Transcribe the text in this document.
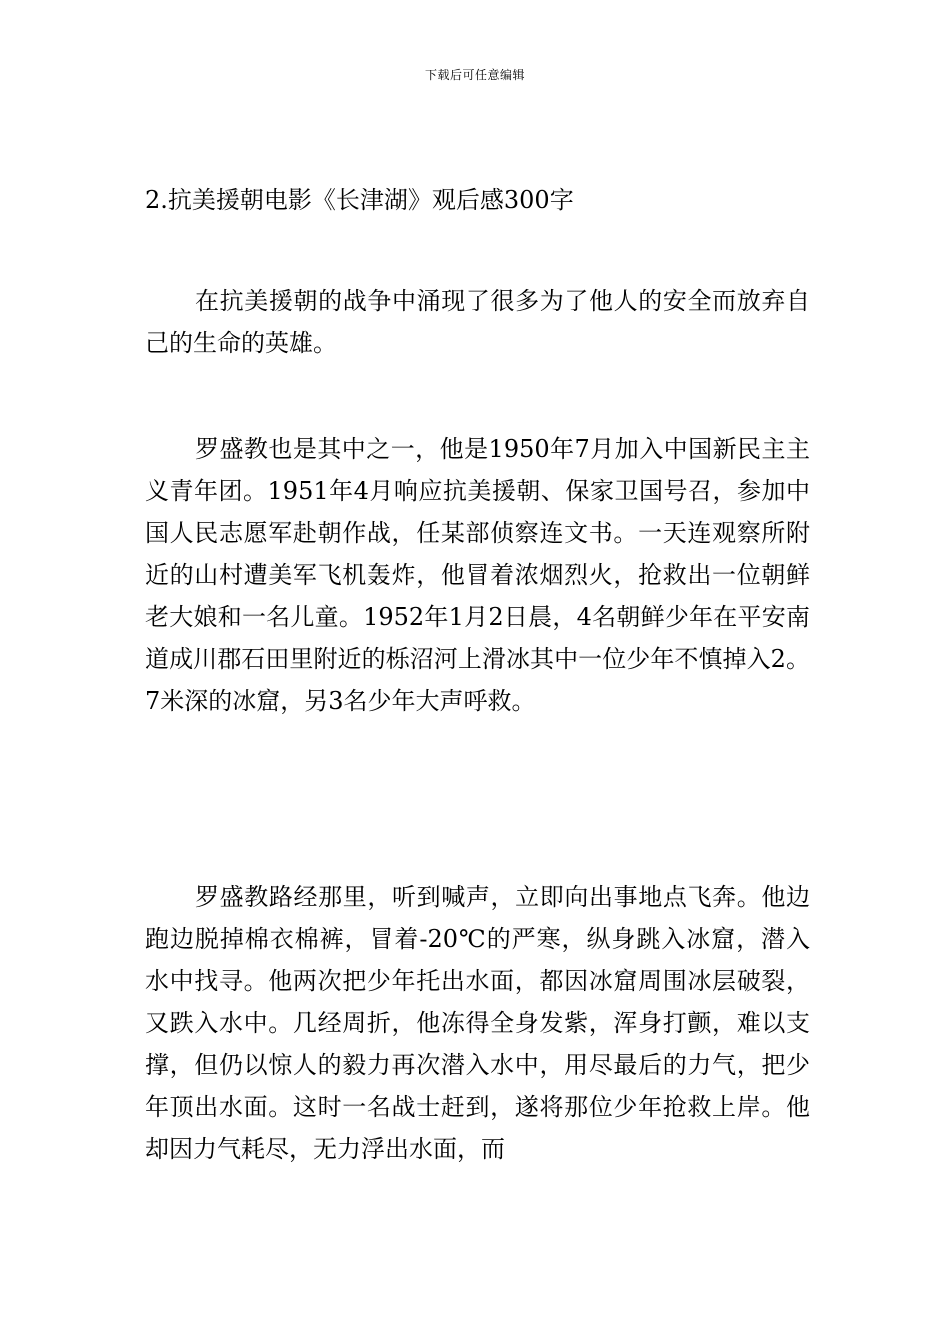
下载后可任意编辑
2.抗美援朝电影《长津湖》观后感300字

在抗美援朝的战争中涌现了很多为了他人的安全而放弃自己的生命的英雄。

罗盛教也是其中之一，他是1950年7月加入中国新民主主义青年团。1951年4月响应抗美援朝、保家卫国号召，参加中国人民志愿军赴朝作战，任某部侦察连文书。一天连观察所附近的山村遭美军飞机轰炸，他冒着浓烟烈火，抢救出一位朝鲜老大娘和一名儿童。1952年1月2日晨，4名朝鲜少年在平安南道成川郡石田里附近的栎沼河上滑冰其中一位少年不慎掉入2。7米深的冰窟，另3名少年大声呼救。

罗盛教路经那里，听到喊声，立即向出事地点飞奔。他边跑边脱掉棉衣棉裤，冒着-20℃的严寒，纵身跳入冰窟，潜入水中找寻。他两次把少年托出水面，都因冰窟周围冰层破裂，又跌入水中。几经周折，他冻得全身发紫，浑身打颤，难以支撑，但仍以惊人的毅力再次潜入水中，用尽最后的力气，把少年顶出水面。这时一名战士赶到，遂将那位少年抢救上岸。他却因力气耗尽，无力浮出水面，而
